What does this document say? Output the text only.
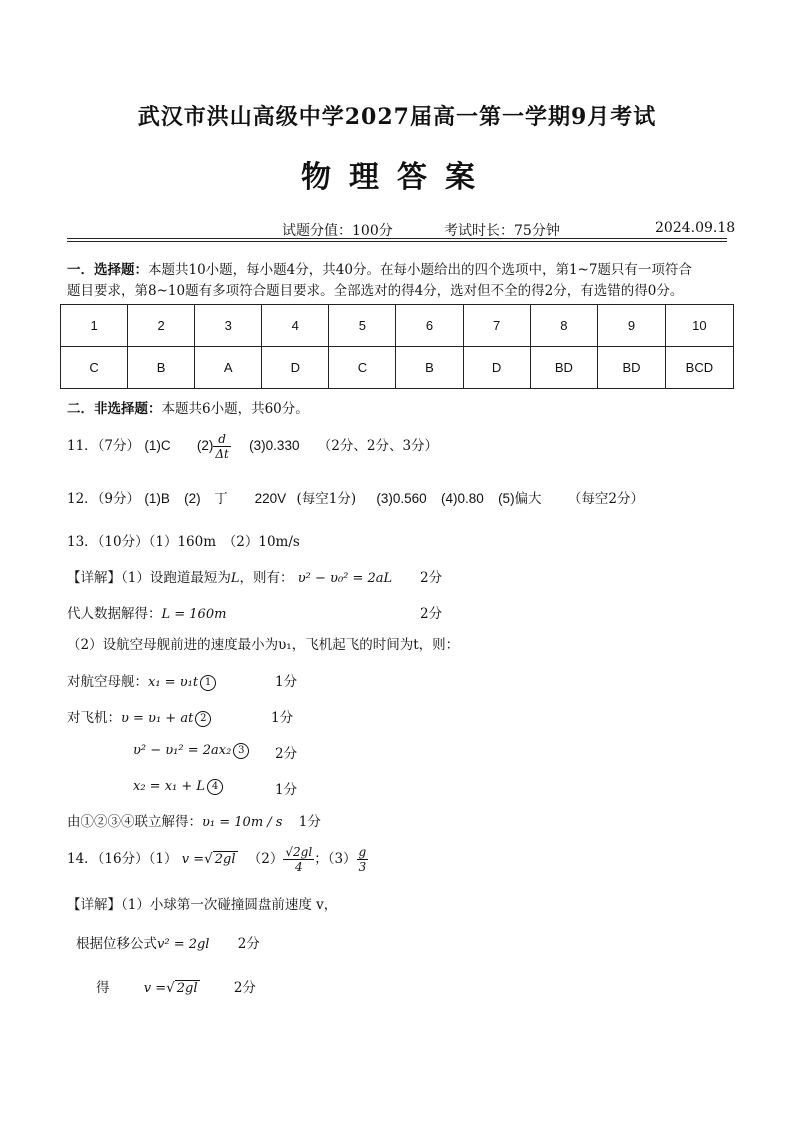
武汉市洪山高级中学2027届高一第一学期9月考试
物理答案
试题分值：100分	考试时长：75分钟	2024.09.18
一．选择题：本题共10小题，每小题4分，共40分。在每小题给出的四个选项中，第1~7题只有一项符合
题目要求，第8~10题有多项符合题目要求。全部选对的得4分，选对但不全的得2分，有选错的得0分。
1	2	3	4	5	6	7	8	9	10
C	B	A	D	C	B	D	BD	BD	BCD
二．非选择题：本题共6小题，共60分。
11．（7分） (1)C $(2) \frac{d}{\Delta t} (3)0.330$ （2分、2分、3分）
12．（9分） (1)B (2)　丁　　220V (每空1分) (3)0.560 (4)0.80 (5)偏大 （每空2分）
13．（10分）（1）160m　（2）10m/s
【详解】（1）设跑道最短为L，则有： υ² − υ₀² = 2aL 2分
代人数据解得：L = 160m	2分
（2）设航空母舰前进的速度最小为υ₁，飞机起飞的时间为t，则：
对航空母舰：x₁ = υ₁t 1	1分
对飞机：υ = υ₁ + at 2	1分
υ² − υ₁² = 2ax₂ 3	2分
x₂ = x₁ + L 4	1分
由①②③④联立解得：υ₁ = 10m / s 1分
14．（16分）（1） v =√ 2gl $(2) \frac{√2gl}{4}$ ；$(3) \frac{g}{3}$
【详解】（1）小球第一次碰撞圆盘前速度 v，
根据位移公式v² = 2gl 2分
得	v =√ 2gl	2分
